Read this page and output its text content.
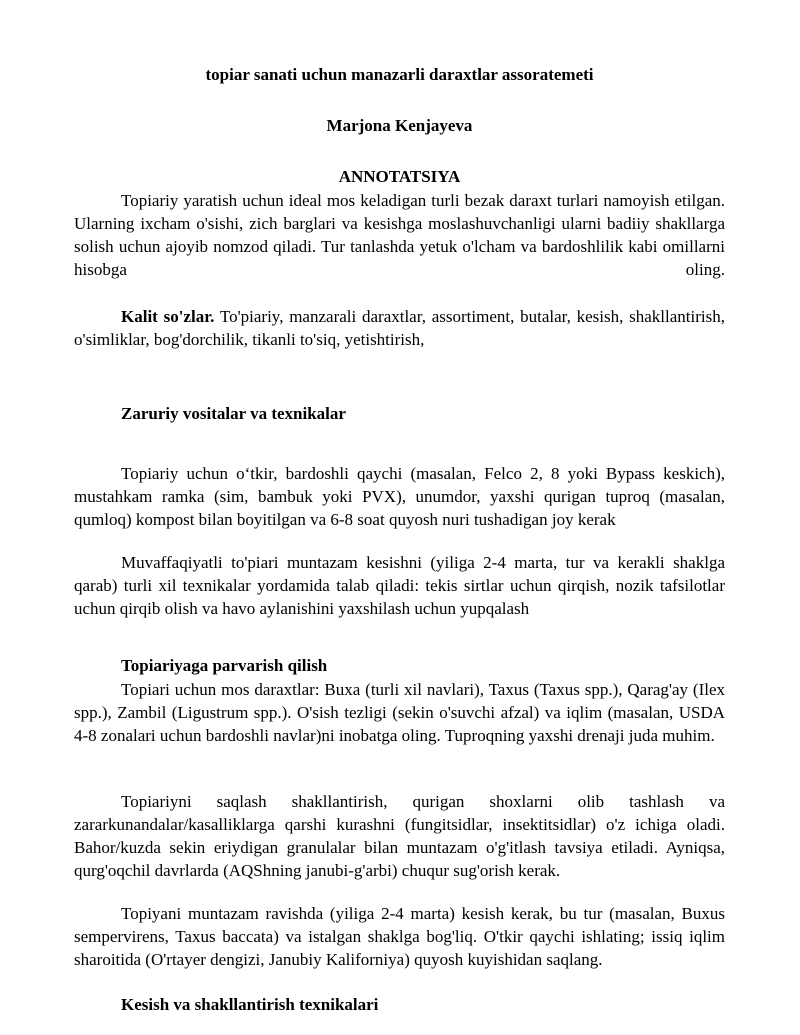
topiar sanati uchun manazarli daraxtlar assoratemeti
Marjona Kenjayeva
ANNOTATSIYA

Topiariy yaratish uchun ideal mos keladigan turli bezak daraxt turlari namoyish etilgan. Ularning ixcham o'sishi, zich barglari va kesishga moslashuvchanligi ularni badiiy shakllarga solish uchun ajoyib nomzod qiladi. Tur tanlashda yetuk o'lcham va bardoshlilik kabi omillarni hisobga oling.

Kalit so'zlar. To'piariy, manzarali daraxtlar, assortiment, butalar, kesish, shakllantirish, o'simliklar, bog'dorchilik, tikanli to'siq, yetishtirish,

Zaruriy vositalar va texnikalar

Topiariy uchun o‘tkir, bardoshli qaychi (masalan, Felco 2, 8 yoki Bypass keskich), mustahkam ramka (sim, bambuk yoki PVX), unumdor, yaxshi qurigan tuproq (masalan, qumloq) kompost bilan boyitilgan va 6-8 soat quyosh nuri tushadigan joy kerak

Muvaffaqiyatli to'piari muntazam kesishni (yiliga 2-4 marta, tur va kerakli shaklga qarab) turli xil texnikalar yordamida talab qiladi: tekis sirtlar uchun qirqish, nozik tafsilotlar uchun qirqib olish va havo aylanishini yaxshilash uchun yupqalash

Topiariyaga parvarish qilish

Topiari uchun mos daraxtlar: Buxa (turli xil navlari), Taxus (Taxus spp.), Qarag'ay (Ilex spp.), Zambil (Ligustrum spp.). O'sish tezligi (sekin o'suvchi afzal) va iqlim (masalan, USDA 4-8 zonalari uchun bardoshli navlar)ni inobatga oling. Tuproqning yaxshi drenaji juda muhim.

Topiariyni saqlash shakllantirish, qurigan shoxlarni olib tashlash va zararkunandalar/kasalliklarga qarshi kurashni (fungitsidlar, insektitsidlar) o'z ichiga oladi. Bahor/kuzda sekin eriydigan granulalar bilan muntazam o'g'itlash tavsiya etiladi. Ayniqsa, qurg'oqchil davrlarda (AQShning janubi-g'arbi) chuqur sug'orish kerak.

Topiyani muntazam ravishda (yiliga 2-4 marta) kesish kerak, bu tur (masalan, Buxus sempervirens, Taxus baccata) va istalgan shaklga bog'liq. O'tkir qaychi ishlating; issiq iqlim sharoitida (O'rtayer dengizi, Janubiy Kaliforniya) quyosh kuyishidan saqlang.

Kesish va shakllantirish texnikalari
